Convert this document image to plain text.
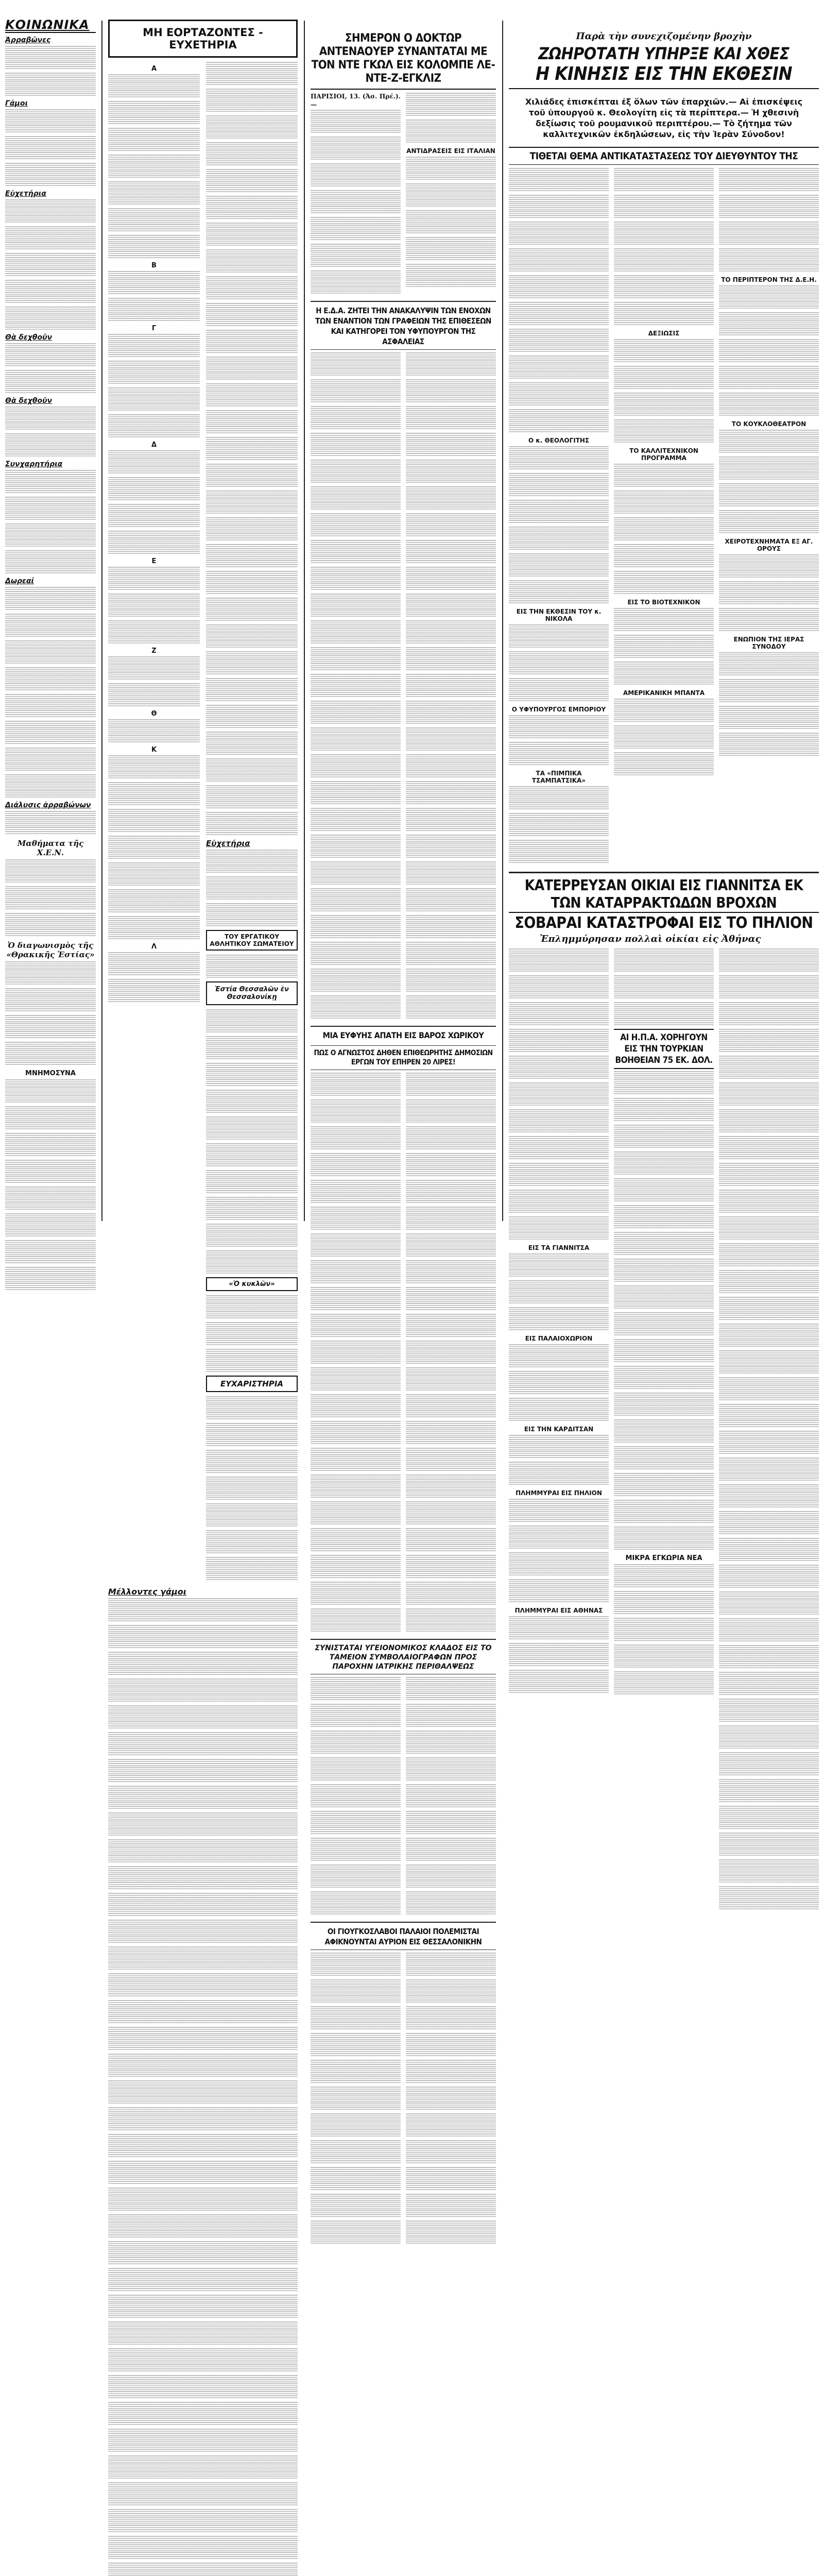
ΚΟΙΝΩΝΙΚΑ
Ἀρραβῶνες

Γάμοι

Εὐχετήρια

Θὰ δεχθοῦν

Θὰ δεχθοῦν

Συνχαρητήρια

Δωρεαί

Διάλυσις ἀρραβώνων

Μαθήματα τῆς Χ.Ε.Ν.

Ὁ διαγωνισμὸς τῆς «Θρακικῆς Ἑστίας»

ΜΝΗΜΟΣΥΝΑ

ΜΗ ΕΟΡΤΑΖΟΝΤΕΣ - ΕΥΧΕΤΗΡΙΑ
Α

Β

Γ

Δ

Ε

Ζ

Θ

Κ

Λ

Εὐχετήρια

ΤΟΥ ΕΡΓΑΤΙΚΟΥ ΑΘΛΗΤΙΚΟΥ ΣΩΜΑΤΕΙΟΥ

Ἑστία Θεσσαλῶν ἐν Θεσσαλονίκῃ

«Ὁ κυκλῶν»

ΕΥΧΑΡΙΣΤΗΡΙΑ

Μέλλοντες γάμοι

ΣΗΜΕΡΟΝ Ο ΔΟΚΤΩΡ ΑΝΤΕΝΑΟΥΕΡ ΣΥΝΑΝΤΑΤΑΙ ΜΕ ΤΟΝ ΝΤΕ ΓΚΩΛ ΕΙΣ ΚΟΛΟΜΠΕ ΛΕ-ΝΤΕ-Ζ-ΕΓΚΛΙΖ

ΠΑΡΙΣΙΟΙ, 13. (Ἀσ. Πρέ.).—

ΑΝΤΙΔΡΑΣΕΙΣ ΕΙΣ ΙΤΑΛΙΑΝ

Η Ε.Δ.Α. ΖΗΤΕΙ ΤΗΝ ΑΝΑΚΑΛΥΨΙΝ ΤΩΝ ΕΝΟΧΩΝ ΤΩΝ ΕΝΑΝΤΙΟΝ ΤΩΝ ΓΡΑΦΕΙΩΝ ΤΗΣ ΕΠΙΘΕΣΕΩΝ ΚΑΙ ΚΑΤΗΓΟΡΕΙ ΤΟΝ ΥΦΥΠΟΥΡΓΟΝ ΤΗΣ ΑΣΦΑΛΕΙΑΣ

ΜΙΑ ΕΥΦΥΗΣ ΑΠΑΤΗ ΕΙΣ ΒΑΡΟΣ ΧΩΡΙΚΟΥ
ΠΩΣ Ο ΑΓΝΩΣΤΟΣ ΔΗΘΕΝ ΕΠΙΘΕΩΡΗΤΗΣ ΔΗΜΟΣΙΩΝ ΕΡΓΩΝ ΤΟΥ ΕΠΗΡΕΝ 20 ΛΙΡΕΣ!

ΣΥΝΙΣΤΑΤΑΙ ΥΓΕΙΟΝΟΜΙΚΟΣ ΚΛΑΔΟΣ ΕΙΣ ΤΟ ΤΑΜΕΙΟΝ ΣΥΜΒΟΛΑΙΟΓΡΑΦΩΝ ΠΡΟΣ ΠΑΡΟΧΗΝ ΙΑΤΡΙΚΗΣ ΠΕΡΙΘΑΛΨΕΩΣ

ΟΙ ΓΙΟΥΓΚΟΣΛΑΒΟΙ ΠΑΛΑΙΟΙ ΠΟΛΕΜΙΣΤΑΙ ΑΦΙΚΝΟΥΝΤΑΙ ΑΥΡΙΟΝ ΕΙΣ ΘΕΣΣΑΛΟΝΙΚΗΝ

Παρὰ τὴν συνεχιζομένην βροχὴν
ΖΩΗΡΟΤΑΤΗ ΥΠΗΡΞΕ ΚΑΙ ΧΘΕΣ
Η ΚΙΝΗΣΙΣ ΕΙΣ ΤΗΝ ΕΚΘΕΣΙΝ
Χιλιάδες ἐπισκέπται ἐξ ὅλων τῶν ἐπαρχιῶν.— Αἱ ἐπισκέψεις τοῦ ὑπουργοῦ κ. Θεολογίτη εἰς τὰ περίπτερα.— Ἡ χθεσινὴ δεξίωσις τοῦ ρουμανικοῦ περιπτέρου.— Τὸ ζήτημα τῶν καλλιτεχνικῶν ἐκδηλώσεων, εἰς τὴν Ἱερὰν Σύνοδον!
ΤΙΘΕΤΑΙ ΘΕΜΑ ΑΝΤΙΚΑΤΑΣΤΑΣΕΩΣ ΤΟΥ ΔΙΕΥΘΥΝΤΟΥ ΤΗΣ

Ο κ. ΘΕΟΛΟΓΙΤΗΣ

ΕΙΣ ΤΗΝ ΕΚΘΕΣΙΝ ΤΟΥ κ. ΝΙΚΟΛΑ

Ο ΥΦΥΠΟΥΡΓΟΣ ΕΜΠΟΡΙΟΥ

ΤΑ «ΠΙΜΠΙΚΑ ΤΣΑΜΠΑΤΣΙΚΑ»

ΔΕΞΙΩΣΙΣ

ΤΟ ΚΑΛΛΙΤΕΧΝΙΚΟΝ ΠΡΟΓΡΑΜΜΑ

ΕΙΣ ΤΟ ΒΙΟΤΕΧΝΙΚΟΝ

ΑΜΕΡΙΚΑΝΙΚΗ ΜΠΑΝΤΑ

ΤΟ ΠΕΡΙΠΤΕΡΟΝ ΤΗΣ Δ.Ε.Η.

ΤΟ ΚΟΥΚΛΟΘΕΑΤΡΟΝ

ΧΕΙΡΟΤΕΧΝΗΜΑΤΑ ΕΞ ΑΓ. ΟΡΟΥΣ

ΕΝΩΠΙΟΝ ΤΗΣ ΙΕΡΑΣ ΣΥΝΟΔΟΥ

ΚΑΤΕΡΡΕΥΣΑΝ ΟΙΚΙΑΙ ΕΙΣ ΓΙΑΝΝΙΤΣΑ ΕΚ ΤΩΝ ΚΑΤΑΡΡΑΚΤΩΔΩΝ ΒΡΟΧΩΝ
ΣΟΒΑΡΑΙ ΚΑΤΑΣΤΡΟΦΑΙ ΕΙΣ ΤΟ ΠΗΛΙΟΝ
Ἐπλημμύρησαν πολλαὶ οἰκίαι εἰς Ἀθήνας

ΕΙΣ ΤΑ ΓΙΑΝΝΙΤΣΑ

ΕΙΣ ΠΑΛΑΙΟΧΩΡΙΟΝ

ΕΙΣ ΤΗΝ ΚΑΡΔΙΤΣΑΝ

ΠΛΗΜΜΥΡΑΙ ΕΙΣ ΠΗΛΙΟΝ

ΠΛΗΜΜΥΡΑΙ ΕΙΣ ΑΘΗΝΑΣ

ΑΙ Η.Π.Α. ΧΟΡΗΓΟΥΝ ΕΙΣ ΤΗΝ ΤΟΥΡΚΙΑΝ ΒΟΗΘΕΙΑΝ 75 ΕΚ. ΔΟΛ.

ΜΙΚΡΑ ΕΓΚΩΡΙΑ ΝΕΑ
